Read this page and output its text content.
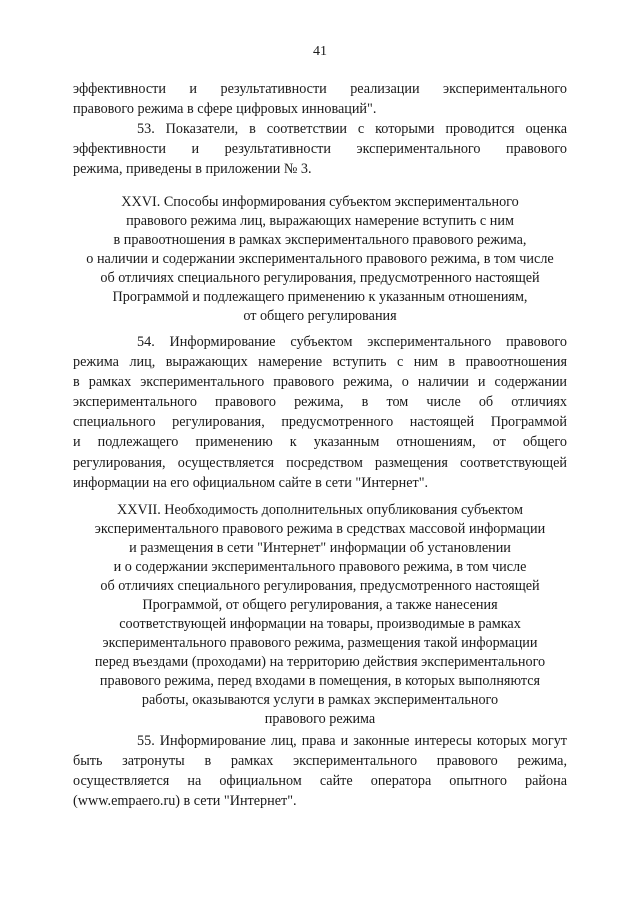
41
эффективности и результативности реализации экспериментального
правового режима в сфере цифровых инноваций".
53. Показатели, в соответствии с которыми проводится оценка
эффективности и результативности экспериментального правового
режима, приведены в приложении № 3.
XXVI. Способы информирования субъектом экспериментального
правового режима лиц, выражающих намерение вступить с ним
в правоотношения в рамках экспериментального правового режима,
о наличии и содержании экспериментального правового режима, в том числе
об отличиях специального регулирования, предусмотренного настоящей
Программой и подлежащего применению к указанным отношениям,
от общего регулирования
54. Информирование субъектом экспериментального правового
режима лиц, выражающих намерение вступить с ним в правоотношения
в рамках экспериментального правового режима, о наличии и содержании
экспериментального правового режима, в том числе об отличиях
специального регулирования, предусмотренного настоящей Программой
и подлежащего применению к указанным отношениям, от общего
регулирования, осуществляется посредством размещения соответствующей
информации на его официальном сайте в сети "Интернет".
XXVII. Необходимость дополнительных опубликования субъектом
экспериментального правового режима в средствах массовой информации
и размещения в сети "Интернет" информации об установлении
и о содержании экспериментального правового режима, в том числе
об отличиях специального регулирования, предусмотренного настоящей
Программой, от общего регулирования, а также нанесения
соответствующей информации на товары, производимые в рамках
экспериментального правового режима, размещения такой информации
перед въездами (проходами) на территорию действия экспериментального
правового режима, перед входами в помещения, в которых выполняются
работы, оказываются услуги в рамках экспериментального
правового режима
55. Информирование лиц, права и законные интересы которых могут
быть затронуты в рамках экспериментального правового режима,
осуществляется на официальном сайте оператора опытного района
(www.empaero.ru) в сети "Интернет".
